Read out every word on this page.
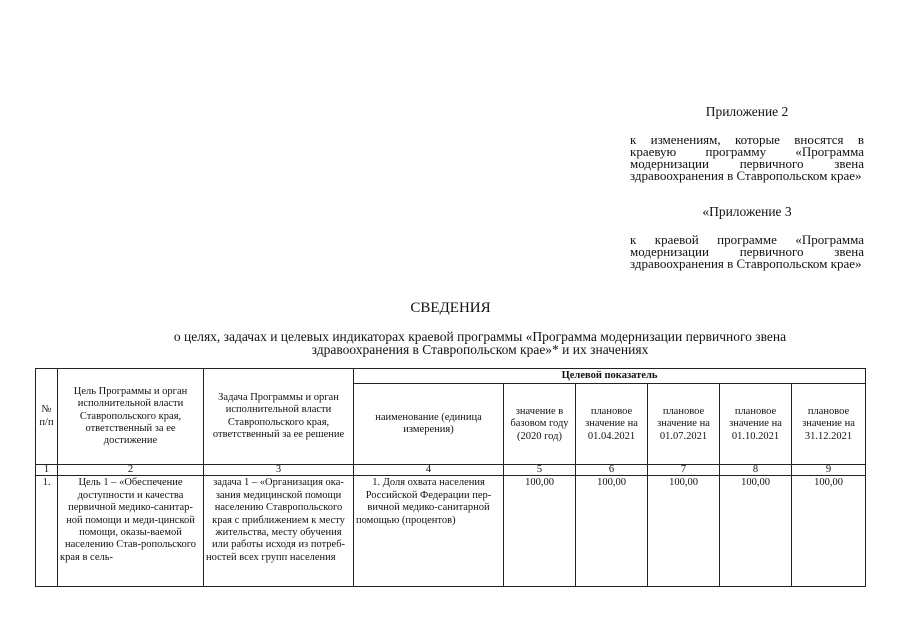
Приложение 2
к изменениям, которые вносятся в краевую программу «Программа модернизации первичного звена здравоохранения в Ставропольском крае»
«Приложение 3
к краевой программе «Программа модернизации первичного звена здравоохранения в Ставропольском крае»
СВЕДЕНИЯ
о целях, задачах и целевых индикаторах краевой программы «Программа модернизации первичного звена здравоохранения в Ставропольском крае»* и их значениях
№ п/п	Цель Программы и орган исполнительной власти Ставропольского края, ответственный за ее достижение	Задача Программы и орган исполнительной власти Ставропольского края, ответственный за ее решение	Целевой показатель					
			наименование (единица измерения)	значение в базовом году (2020 год)	плановое значение на 01.04.2021	плановое значение на 01.07.2021	плановое значение на 01.10.2021	плановое значение на 31.12.2021
1	2	3	4	5	6	7	8	9
1.	Цель 1 – «Обеспечение доступности и качества первичной медико-санитар-ной помощи и меди-цинской помощи, оказы-ваемой населению Став-ропольского края в сель-	задача 1 – «Организация ока-зания медицинской помощи населению Ставропольского края с приближением к месту жительства, месту обучения или работы исходя из потреб-ностей всех групп населения	1. Доля охвата населения Российской Федерации пер-вичной медико-санитарной помощью (процентов)	100,00	100,00	100,00	100,00	100,00
